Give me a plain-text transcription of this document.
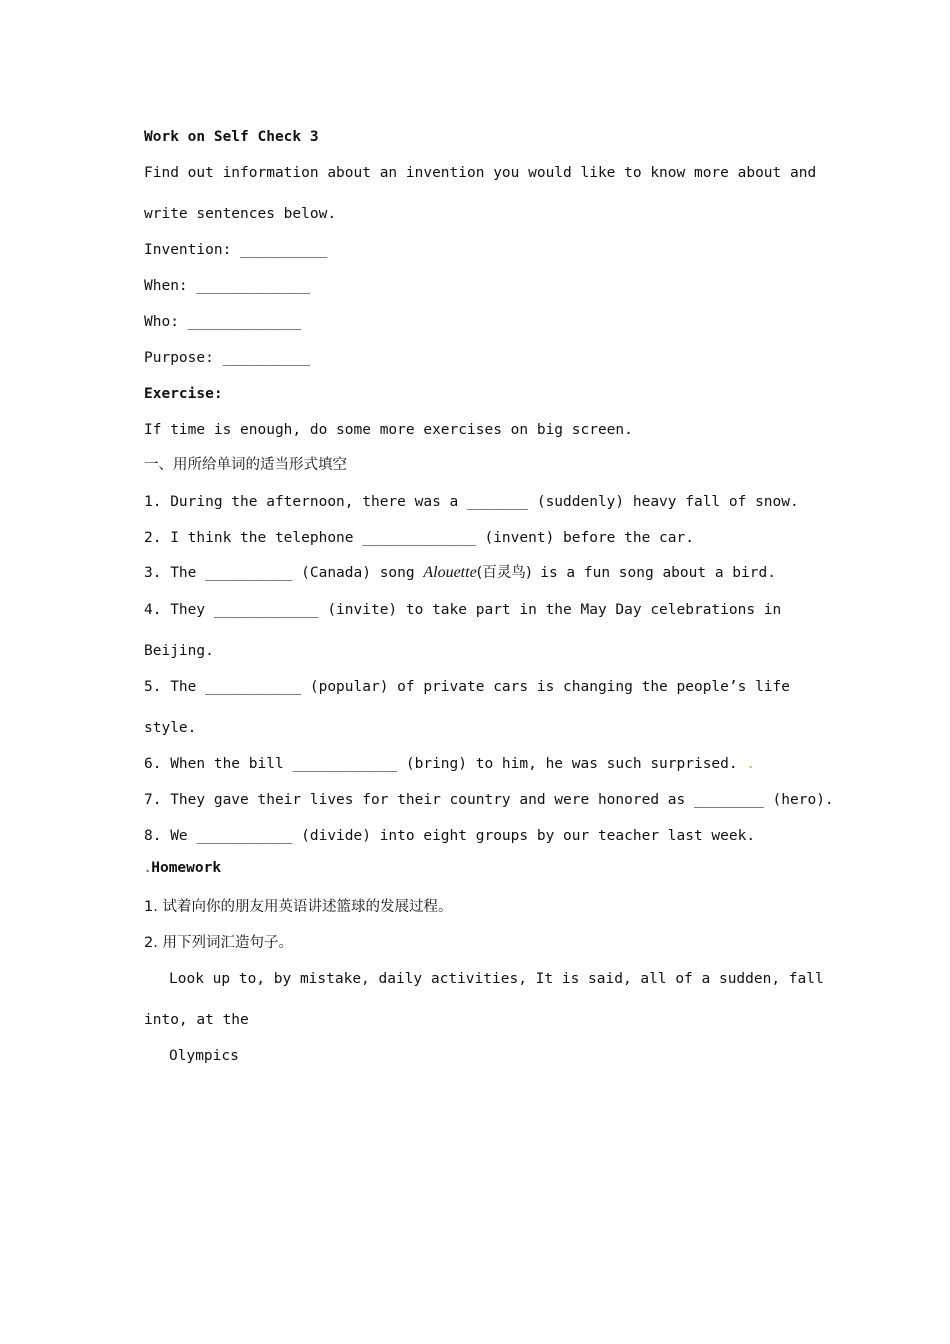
Work on Self Check 3
Find out information about an invention you would like to know more about and
write sentences below.
Invention: __________
When: _____________
Who: _____________
Purpose: __________
Exercise:
If time is enough, do some more exercises on big screen.
一、用所给单词的适当形式填空
1. During the afternoon, there was a _______ (suddenly) heavy fall of snow.
2. I think the telephone _____________ (invent) before the car.
3. The __________ (Canada) song Alouette(百灵鸟) is a fun song about a bird.
4. They ____________ (invite) to take part in the May Day celebrations in
Beijing.
5. The ___________ (popular) of private cars is changing the people’s life
style.
6. When the bill ____________ (bring) to him, he was such surprised. .
7. They gave their lives for their country and were honored as ________ (hero).
8. We ___________ (divide) into eight groups by our teacher last week.
.Homework
1. 试着向你的朋友用英语讲述篮球的发展过程。
2. 用下列词汇造句子。
Look up to, by mistake, daily activities, It is said, all of a sudden, fall
into, at the
Olympics
